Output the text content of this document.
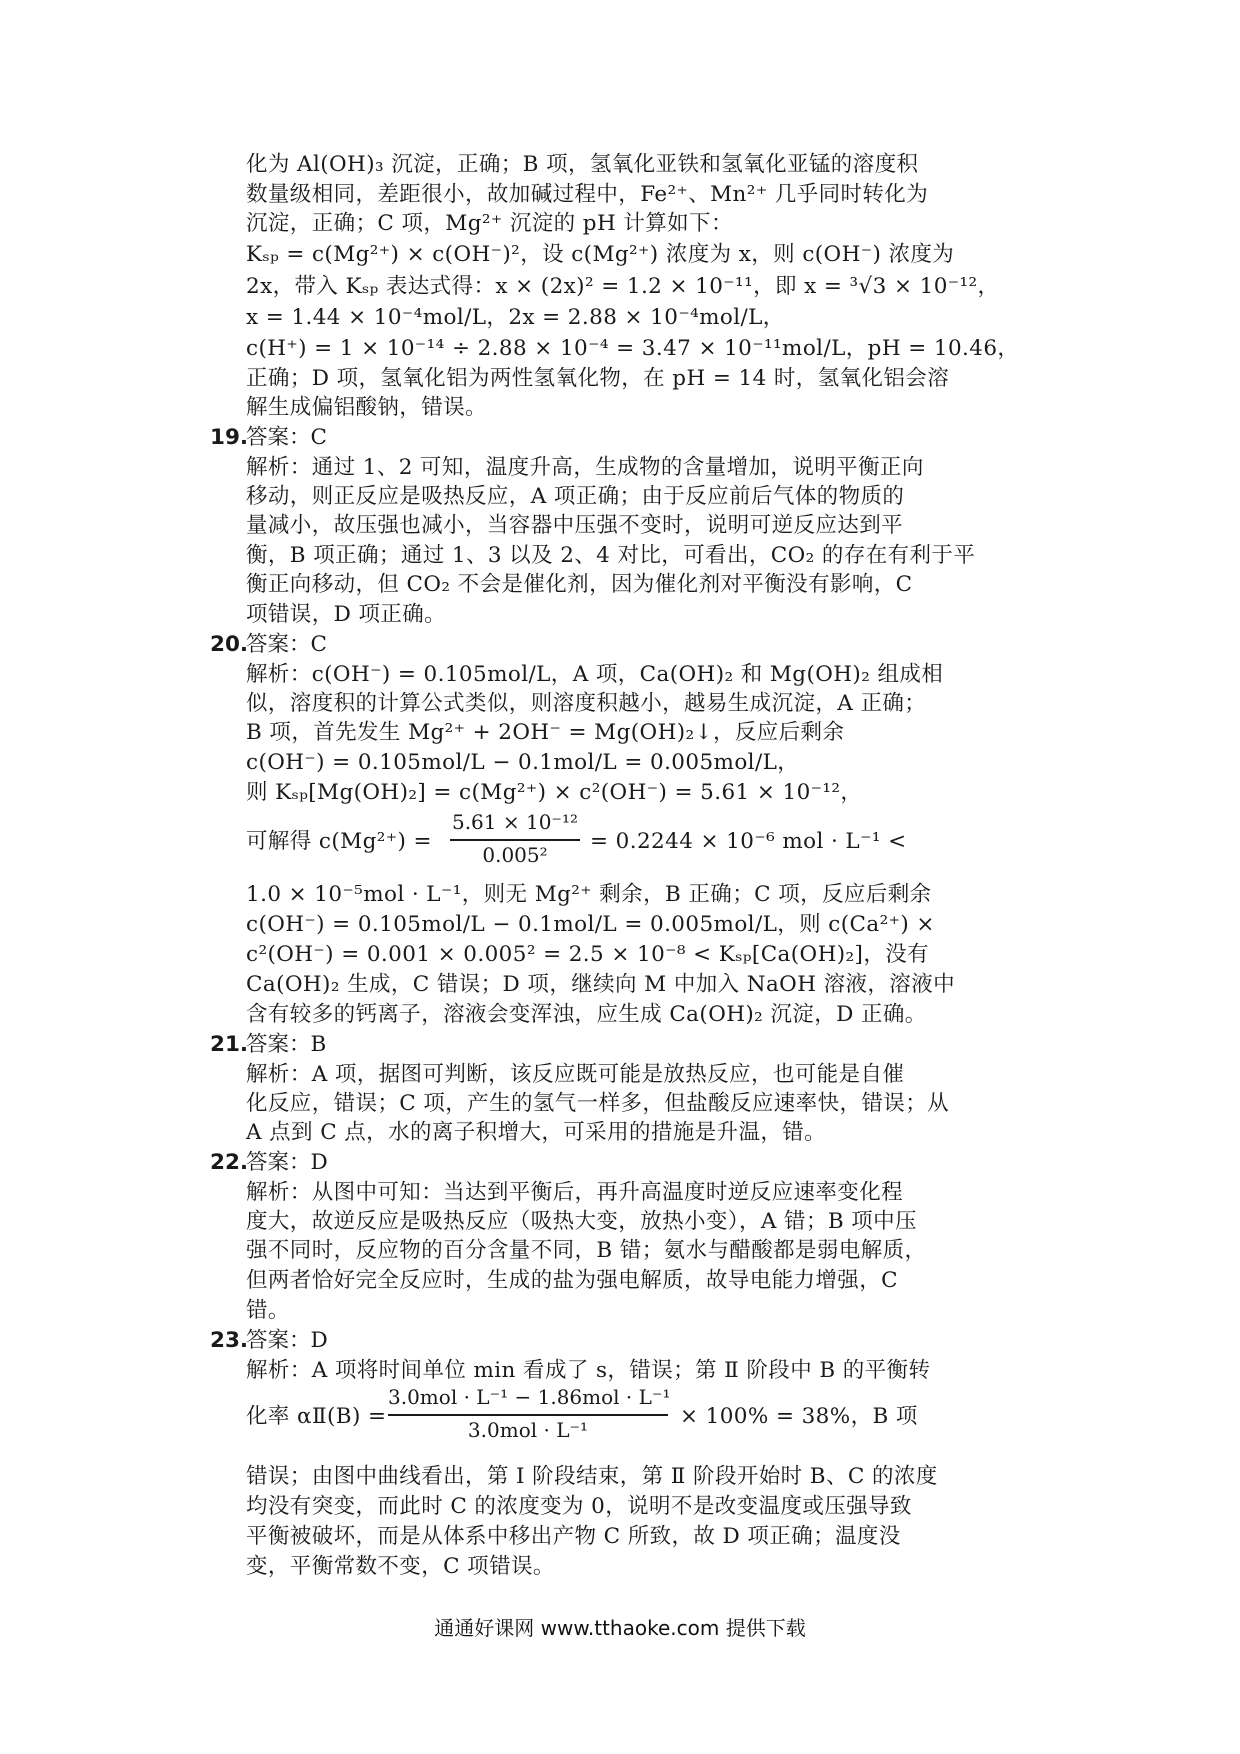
化为 Al(OH)₃ 沉淀，正确；B 项，氢氧化亚铁和氢氧化亚锰的溶度积
数量级相同，差距很小，故加碱过程中，Fe²⁺、Mn²⁺ 几乎同时转化为
沉淀，正确；C 项，Mg²⁺ 沉淀的 pH 计算如下：
Kₛₚ = c(Mg²⁺) × c(OH⁻)²，设 c(Mg²⁺) 浓度为 x，则 c(OH⁻) 浓度为
2x，带入 Kₛₚ 表达式得：x × (2x)² = 1.2 × 10⁻¹¹，即 x = ³√3 × 10⁻¹²，
x = 1.44 × 10⁻⁴mol/L，2x = 2.88 × 10⁻⁴mol/L，
c(H⁺) = 1 × 10⁻¹⁴ ÷ 2.88 × 10⁻⁴ = 3.47 × 10⁻¹¹mol/L，pH = 10.46，
正确；D 项，氢氧化铝为两性氢氧化物，在 pH = 14 时，氢氧化铝会溶
解生成偏铝酸钠，错误。
19.
答案：C
解析：通过 1、2 可知，温度升高，生成物的含量增加，说明平衡正向
移动，则正反应是吸热反应，A 项正确；由于反应前后气体的物质的
量减小，故压强也减小，当容器中压强不变时，说明可逆反应达到平
衡，B 项正确；通过 1、3 以及 2、4 对比，可看出，CO₂ 的存在有利于平
衡正向移动，但 CO₂ 不会是催化剂，因为催化剂对平衡没有影响，C
项错误，D 项正确。
20.
答案：C
解析：c(OH⁻) = 0.105mol/L，A 项，Ca(OH)₂ 和 Mg(OH)₂ 组成相
似，溶度积的计算公式类似，则溶度积越小，越易生成沉淀，A 正确；
B 项，首先发生 Mg²⁺ + 2OH⁻ = Mg(OH)₂↓，反应后剩余
c(OH⁻) = 0.105mol/L − 0.1mol/L = 0.005mol/L，
则 Kₛₚ[Mg(OH)₂] = c(Mg²⁺) × c²(OH⁻) = 5.61 × 10⁻¹²，
可解得 c(Mg²⁺) =
5.61 × 10⁻¹²
0.005²
= 0.2244 × 10⁻⁶ mol · L⁻¹ <
1.0 × 10⁻⁵mol · L⁻¹，则无 Mg²⁺ 剩余，B 正确；C 项，反应后剩余
c(OH⁻) = 0.105mol/L − 0.1mol/L = 0.005mol/L，则 c(Ca²⁺) ×
c²(OH⁻) = 0.001 × 0.005² = 2.5 × 10⁻⁸ < Kₛₚ[Ca(OH)₂]，没有
Ca(OH)₂ 生成，C 错误；D 项，继续向 M 中加入 NaOH 溶液，溶液中
含有较多的钙离子，溶液会变浑浊，应生成 Ca(OH)₂ 沉淀，D 正确。
21.
答案：B
解析：A 项，据图可判断，该反应既可能是放热反应，也可能是自催
化反应，错误；C 项，产生的氢气一样多，但盐酸反应速率快，错误；从
A 点到 C 点，水的离子积增大，可采用的措施是升温，错。
22.
答案：D
解析：从图中可知：当达到平衡后，再升高温度时逆反应速率变化程
度大，故逆反应是吸热反应（吸热大变，放热小变），A 错；B 项中压
强不同时，反应物的百分含量不同，B 错；氨水与醋酸都是弱电解质，
但两者恰好完全反应时，生成的盐为强电解质，故导电能力增强，C
错。
23.
答案：D
解析：A 项将时间单位 min 看成了 s，错误；第 Ⅱ 阶段中 B 的平衡转
化率 αⅡ(B) =
3.0mol · L⁻¹ − 1.86mol · L⁻¹
3.0mol · L⁻¹
× 100% = 38%，B 项
错误；由图中曲线看出，第 Ⅰ 阶段结束，第 Ⅱ 阶段开始时 B、C 的浓度
均没有突变，而此时 C 的浓度变为 0，说明不是改变温度或压强导致
平衡被破坏，而是从体系中移出产物 C 所致，故 D 项正确；温度没
变，平衡常数不变，C 项错误。
通通好课网 www.tthaoke.com 提供下载
